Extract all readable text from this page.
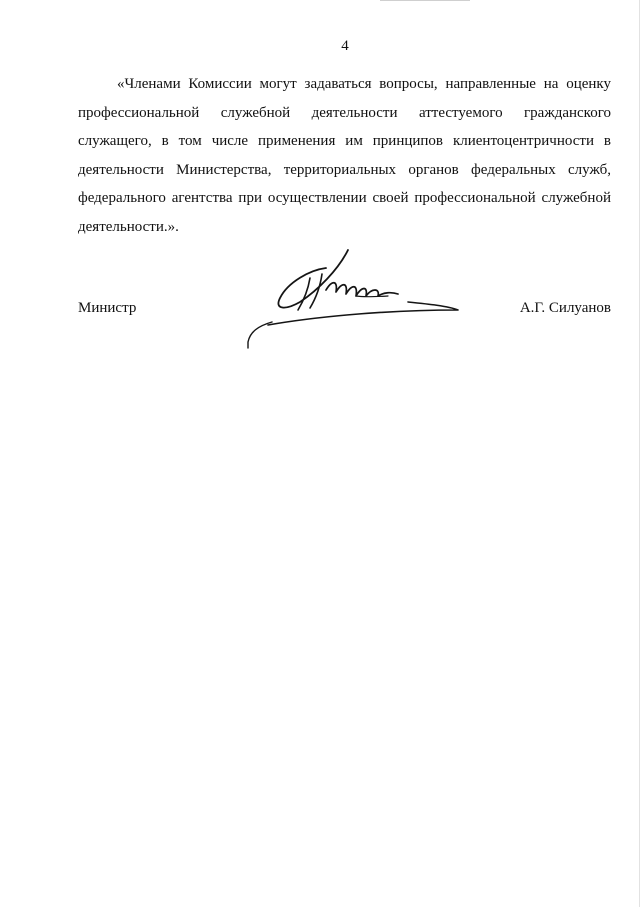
4

«Членами Комиссии могут задаваться вопросы, направленные на оценку профессиональной служебной деятельности аттестуемого гражданского служащего, в том числе применения им принципов клиентоцентричности в деятельности Министерства, территориальных органов федеральных служб, федерального агентства при осуществлении своей профессиональной служебной деятельности.».

Министр	А.Г. Силуанов
